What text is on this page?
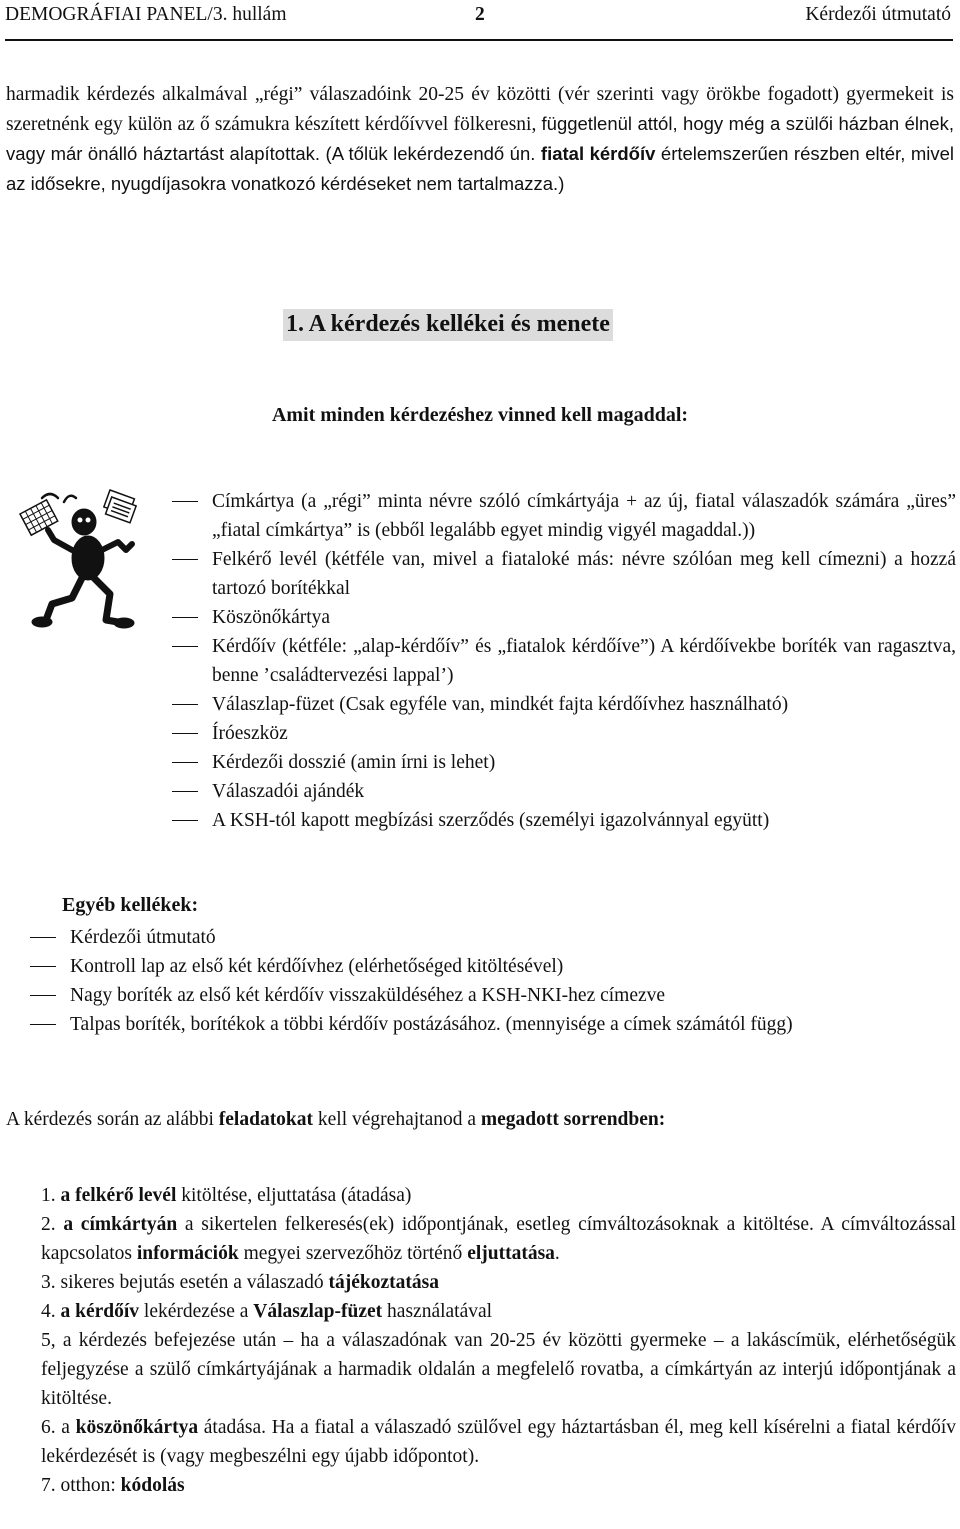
DEMOGRÁFIAI PANEL/3. hullám	2	Kérdezői útmutató
harmadik kérdezés alkalmával „régi” válaszadóink 20-25 év közötti (vér szerinti vagy örökbe fogadott) gyermekeit is szeretnénk egy külön az ő számukra készített kérdőívvel fölkeresni, függetlenül attól, hogy még a szülői házban élnek, vagy már önálló háztartást alapítottak. (A tőlük lekérdezendő ún. fiatal kérdőív értelemszerűen részben eltér, mivel az idősekre, nyugdíjasokra vonatkozó kérdéseket nem tartalmazza.)
1. A kérdezés kellékei és menete
Amit minden kérdezéshez vinned kell magaddal:
Címkártya (a „régi” minta névre szóló címkártyája + az új, fiatal válaszadók számára „üres” „fiatal címkártya” is (ebből legalább egyet mindig vigyél magaddal.))
Felkérő levél (kétféle van, mivel a fiataloké más: névre szólóan meg kell címezni) a hozzá tartozó borítékkal
Köszönőkártya
Kérdőív (kétféle: „alap-kérdőív” és „fiatalok kérdőíve”) A kérdőívekbe boríték van ragasztva, benne ’családtervezési lappal’)
Válaszlap-füzet (Csak egyféle van, mindkét fajta kérdőívhez használható)
Íróeszköz
Kérdezői dosszié (amin írni is lehet)
Válaszadói ajándék
A KSH-tól kapott megbízási szerződés (személyi igazolvánnyal együtt)
Egyéb kellékek:
Kérdezői útmutató
Kontroll lap az első két kérdőívhez (elérhetőséged kitöltésével)
Nagy boríték az első két kérdőív visszaküldéséhez a KSH-NKI-hez címezve
Talpas boríték, borítékok a többi kérdőív postázásához. (mennyisége a címek számától függ)
A kérdezés során az alábbi feladatokat kell végrehajtanod a megadott sorrendben:

1. a felkérő levél kitöltése, eljuttatása (átadása)

2. a címkártyán a sikertelen felkeresés(ek) időpontjának, esetleg címváltozásoknak a kitöltése. A címváltozással kapcsolatos információk megyei szervezőhöz történő eljuttatása.

3. sikeres bejutás esetén a válaszadó tájékoztatása

4. a kérdőív lekérdezése a Válaszlap-füzet használatával

5, a kérdezés befejezése után – ha a válaszadónak van 20-25 év közötti gyermeke – a lakáscímük, elérhetőségük feljegyzése a szülő címkártyájának a harmadik oldalán a megfelelő rovatba, a címkártyán az interjú időpontjának a kitöltése.

6. a köszönőkártya átadása. Ha a fiatal a válaszadó szülővel egy háztartásban él, meg kell kísérelni a fiatal kérdőív lekérdezését is (vagy megbeszélni egy újabb időpontot).

7. otthon: kódolás
